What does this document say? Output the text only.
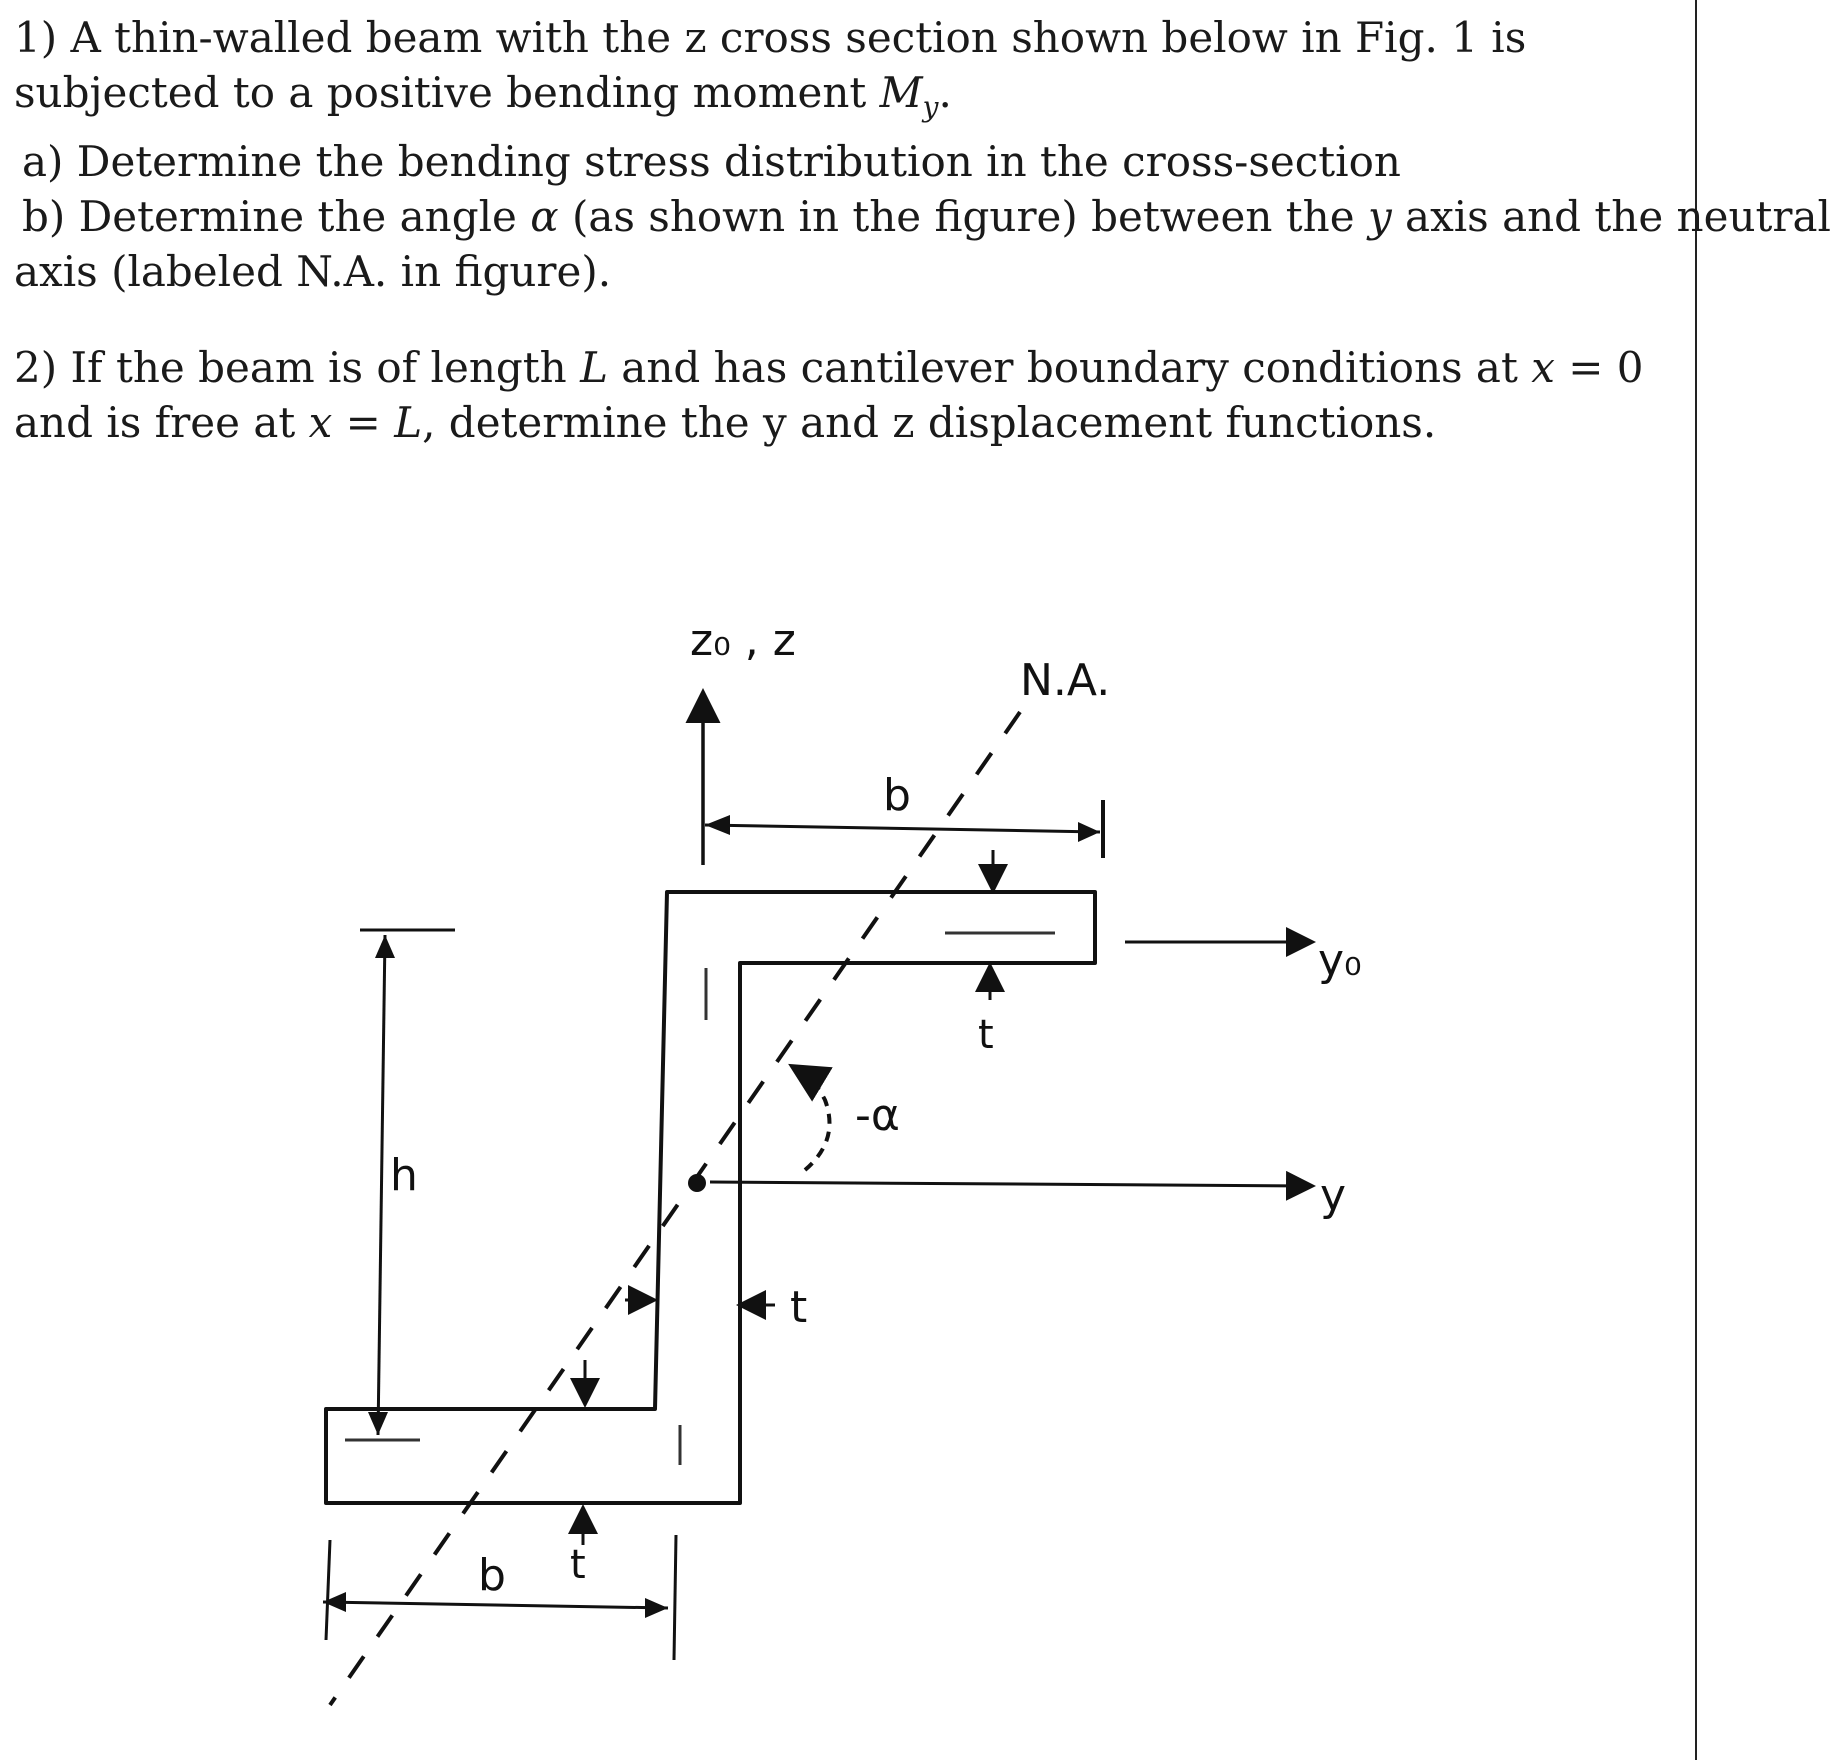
1) A thin-walled beam with the z cross section shown below in Fig. 1 is
subjected to a positive bending moment $M_y$.
a) Determine the bending stress distribution in the cross-section
b) Determine the angle α (as shown in the figure) between the y axis and the neutral
axis (labeled N.A. in figure).
2) If the beam is of length L and has cantilever boundary conditions at x = 0
and is free at x = L, determine the y and z displacement functions.
z₀ , z
b
N.A.
t
y₀
y
-α
t
h
t
b
